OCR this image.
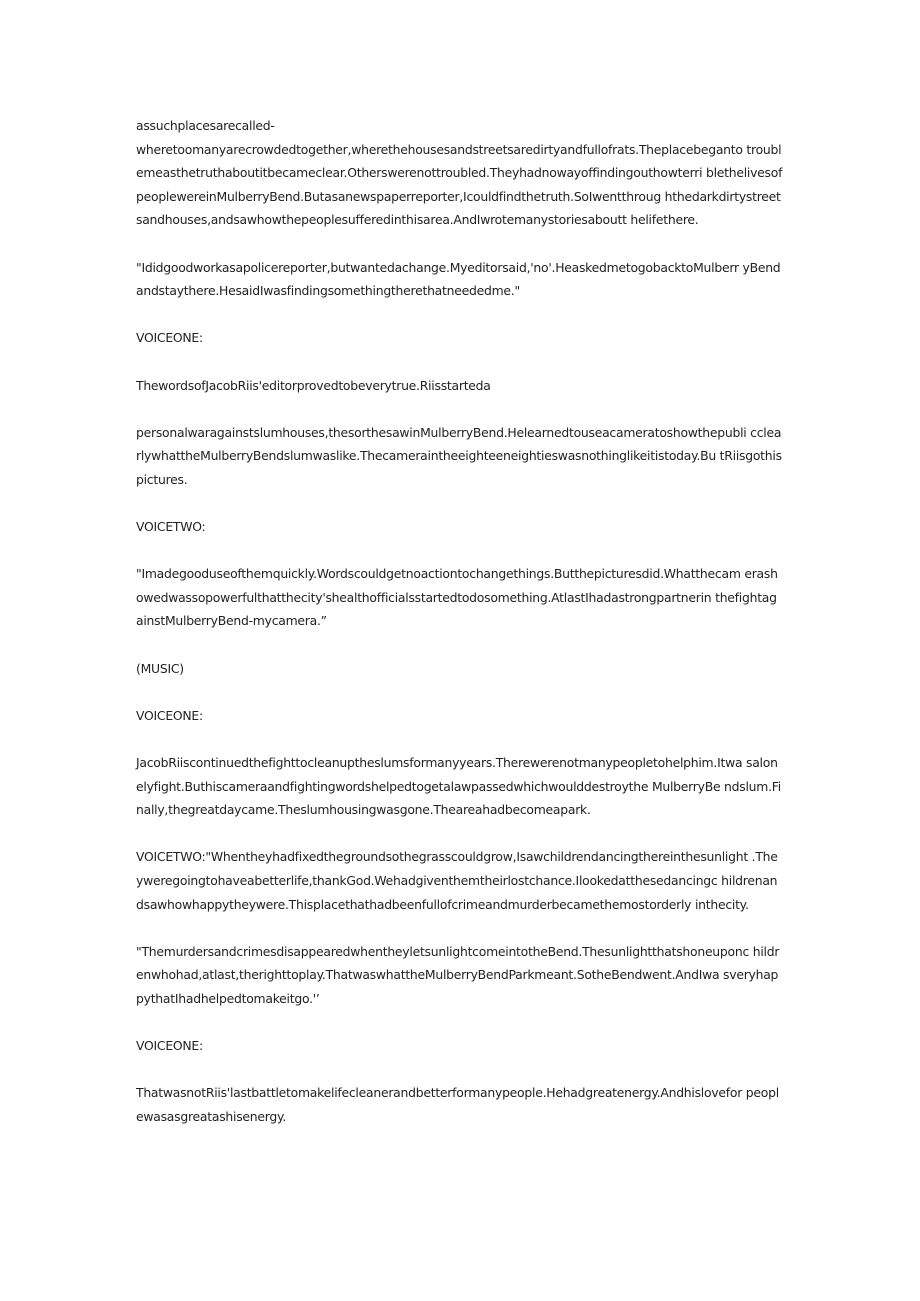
assuchplacesarecalled-
wheretoomanyarecrowdedtogether,wherethehousesandstreetsaredirtyandfullofrats.Theplacebeganto troublemeasthetruthaboutitbecameclear.Otherswerenottroubled.Theyhadnowayoffindingouthowterri blethelivesofpeoplewereinMulberryBend.Butasanewspaperreporter,Icouldfindthetruth.SoIwentthroug hthedarkdirtystreetsandhouses,andsawhowthepeoplesufferedinthisarea.AndIwrotemanystoriesaboutt helifethere.

"Ididgoodworkasapolicereporter,butwantedachange.Myeditorsaid,'no'.HeaskedmetogobacktoMulberr yBendandstaythere.HesaidIwasfindingsomethingtherethatneededme."

VOICEONE:

ThewordsofJacobRiis'editorprovedtobeverytrue.Riisstarteda

personalwaragainstslumhouses,thesorthesawinMulberryBend.Helearnedtouseacameratoshowthepubli cclearlywhattheMulberryBendslumwaslike.Thecameraintheeighteeneightieswasnothinglikeitistoday.Bu tRiisgothispictures.

VOICETWO:

"Imadegooduseofthemquickly.Wordscouldgetnoactiontochangethings.Butthepicturesdid.Whatthecam erashowedwassopowerfulthatthecity'shealthofficialsstartedtodosomething.AtlastIhadastrongpartnerin thefightagainstMulberryBend-mycamera.”

(MUSIC)

VOICEONE:

JacobRiiscontinuedthefighttocleanuptheslumsformanyyears.Therewerenotmanypeopletohelphim.Itwa salonelyfight.Buthiscameraandfightingwordshelpedtogetalawpassedwhichwoulddestroythe MulberryBe ndslum.Finally,thegreatdaycame.Theslumhousingwasgone.Theareahadbecomeapark.

VOICETWO:"Whentheyhadfixedthegroundsothegrasscouldgrow,Isawchildrendancingthereinthesunlight .Theyweregoingtohaveabetterlife,thankGod.Wehadgiventhemtheirlostchance.Ilookedatthesedancingc hildrenandsawhowhappytheywere.Thisplacethathadbeenfullofcrimeandmurderbecamethemostorderly inthecity.

"ThemurdersandcrimesdisappearedwhentheyletsunlightcomeintotheBend.Thesunlightthatshoneuponc hildrenwhohad,atlast,therighttoplay.ThatwaswhattheMulberryBendParkmeant.SotheBendwent.AndIwa sveryhappythatIhadhelpedtomakeitgo.'’

VOICEONE:

ThatwasnotRiis'lastbattletomakelifecleanerandbetterformanypeople.Hehadgreatenergy.Andhislovefor peoplewasasgreatashisenergy.
